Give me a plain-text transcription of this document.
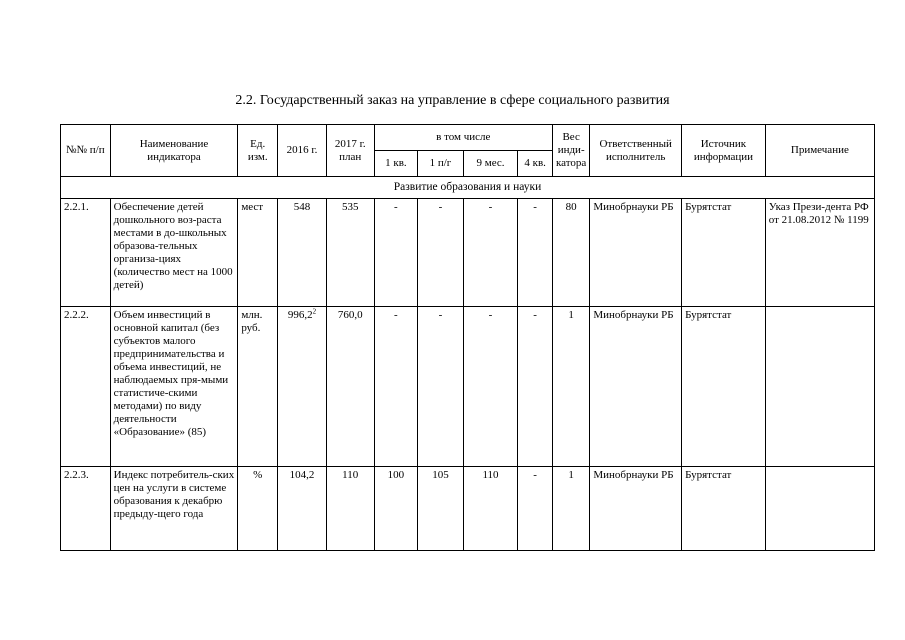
2.2. Государственный заказ на управление в сфере социального развития
№№ п/п	Наименование индикатора	Ед. изм.	2016 г.	2017 г. план	в том числе				Вес инди-катора	Ответственный исполнитель	Источник информации	Примечание
					1 кв.	1 п/г	9 мес.	4 кв.				
Развитие образования и науки												
2.2.1.	Обеспечение детей дошкольного воз-раста местами в до-школьных образова-тельных организа-циях (количество мест на 1000 детей)	мест	548	535	-	-	-	-	80	Минобрнауки РБ	Бурятстат	Указ Прези-дента РФ от 21.08.2012 № 1199
2.2.2.	Объем инвестиций в основной капитал (без субъектов малого предпринимательства и объема инвестиций, не наблюдаемых пря-мыми статистиче-скими методами) по виду деятельности «Образование» (85)	млн. руб.	996,2$^2$	760,0	-	-	-	-	1	Минобрнауки РБ	Бурятстат	
2.2.3.	Индекс потребитель-ских цен на услуги в системе образования к декабрю предыду-щего года	%	104,2	110	100	105	110	-	1	Минобрнауки РБ	Бурятстат	
